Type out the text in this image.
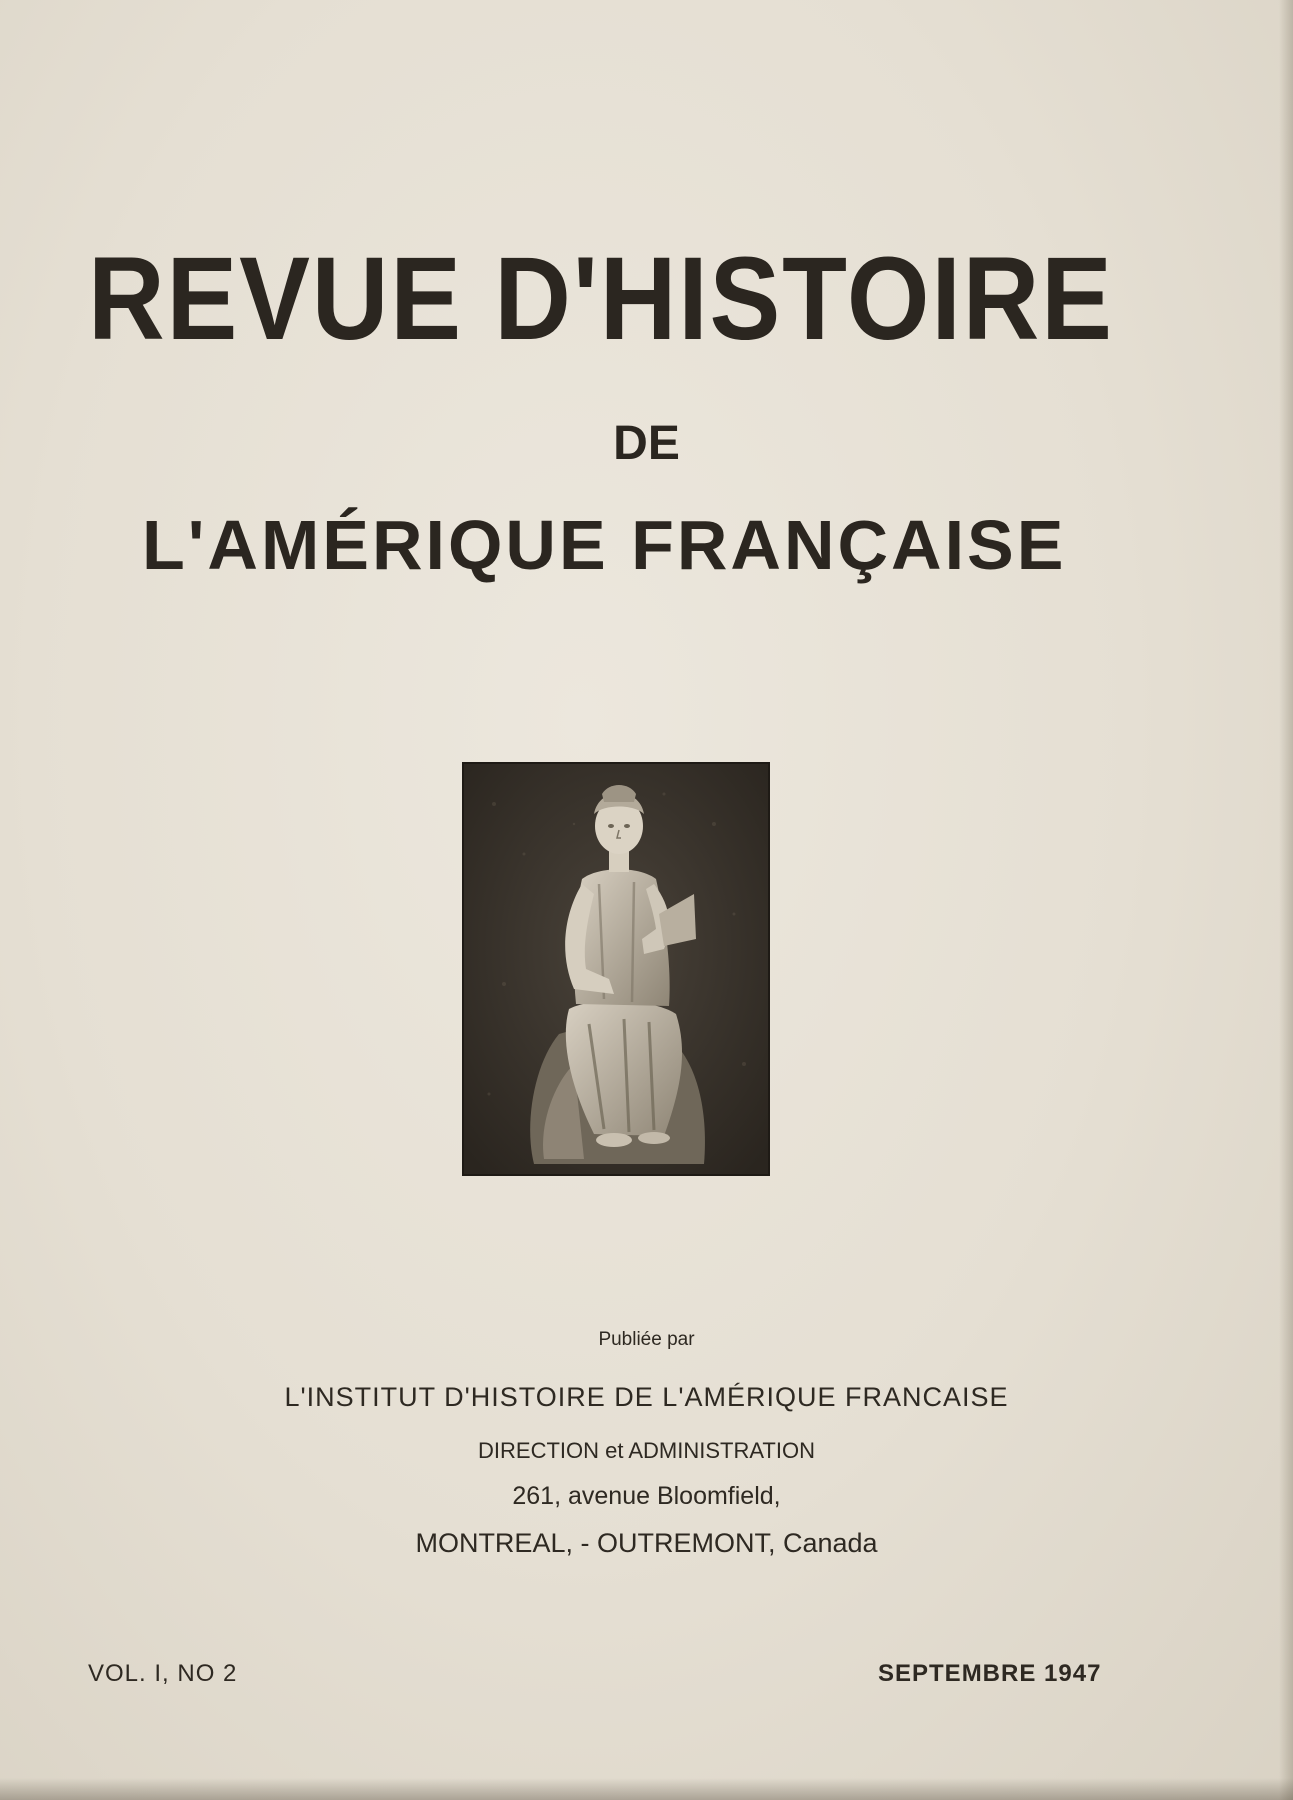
REVUE D'HISTOIRE
DE
L'AMÉRIQUE FRANÇAISE
Publiée par
L'INSTITUT D'HISTOIRE DE L'AMÉRIQUE FRANCAISE
DIRECTION et ADMINISTRATION
261, avenue Bloomfield,
MONTREAL, - OUTREMONT, Canada
VOL. I, NO 2	SEPTEMBRE 1947
